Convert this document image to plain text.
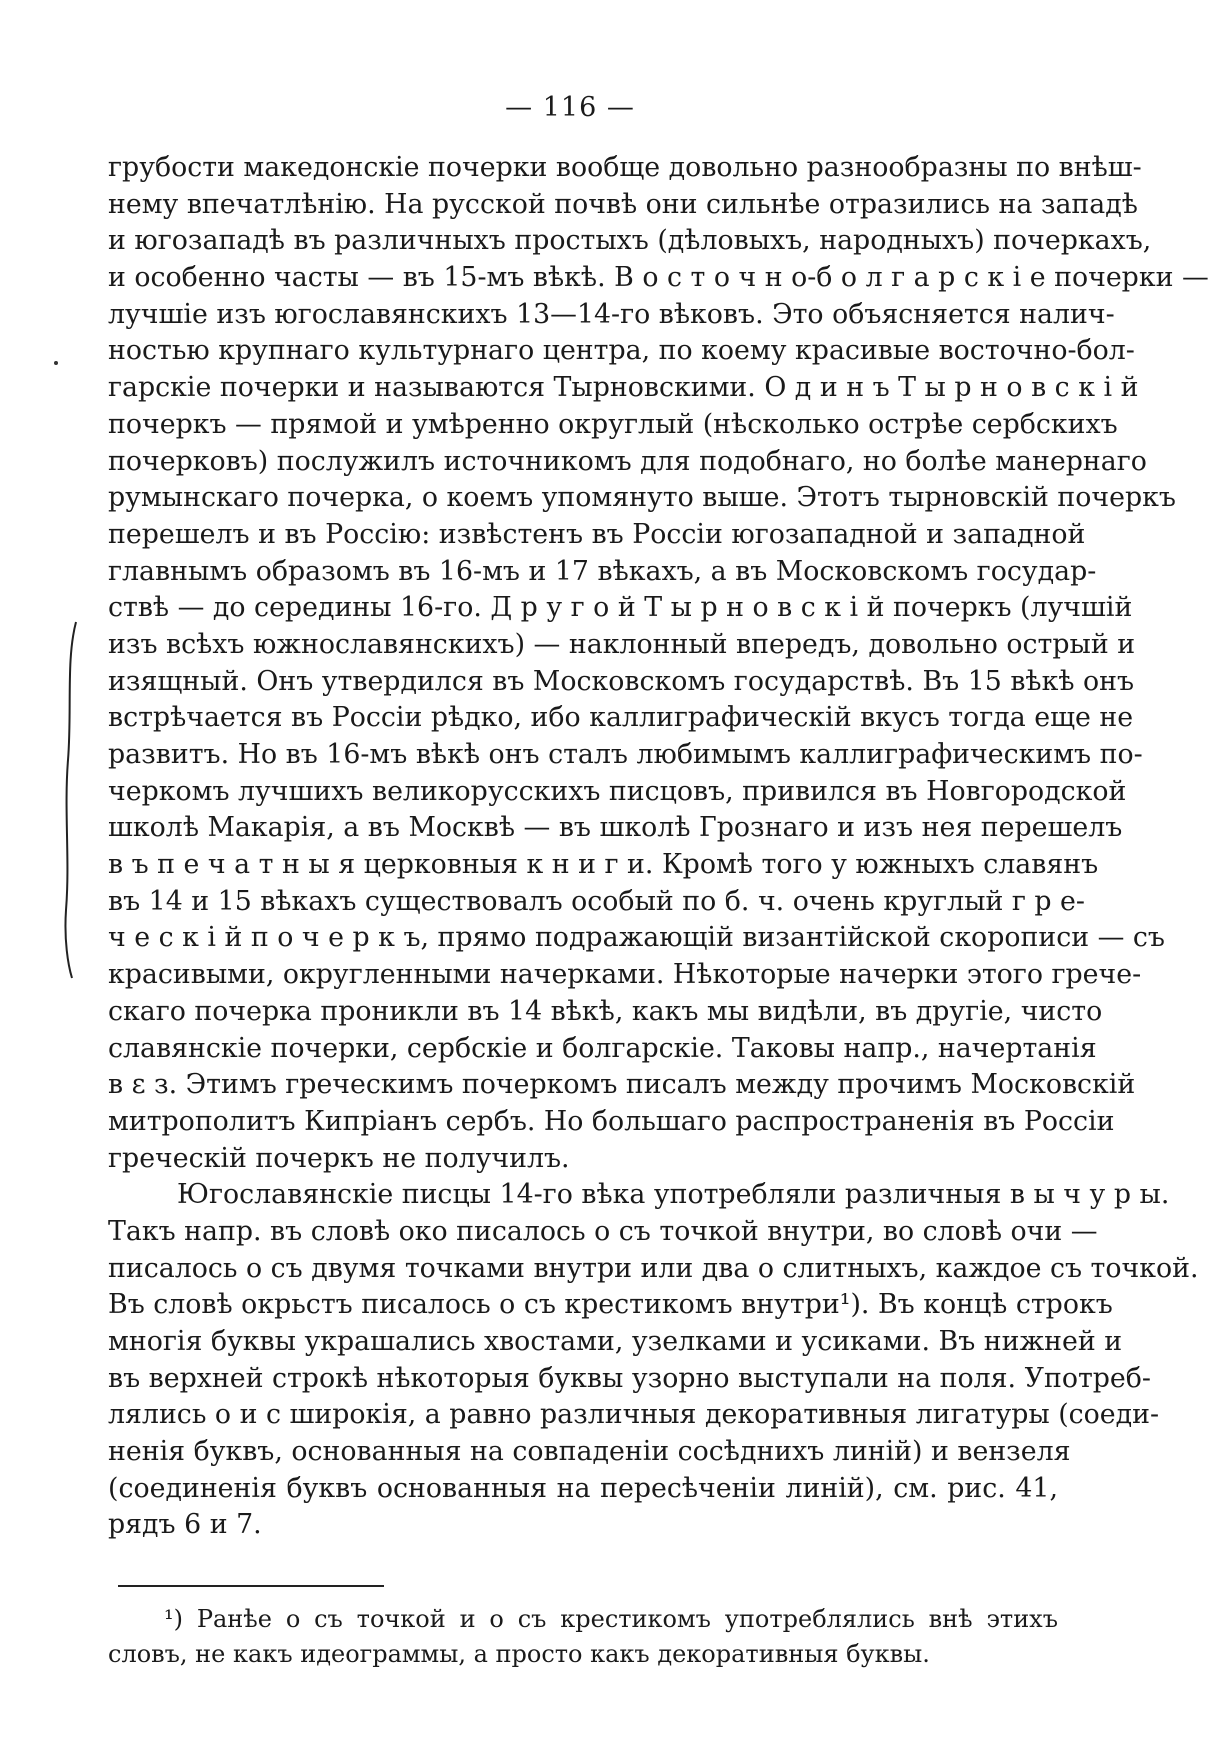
— 116 —
грубости македонскіе почерки вообще довольно разнообразны по внѣш-
нему впечатлѣнію. На русской почвѣ они сильнѣе отразились на западѣ
и югозападѣ въ различныхъ простыхъ (дѣловыхъ, народныхъ) почеркахъ,
и особенно часты — въ 15-мъ вѣкѣ. В о с т о ч н о-б о л г а р с к і е почерки —
лучшіе изъ югославянскихъ 13—14-го вѣковъ. Это объясняется налич-
ностью крупнаго культурнаго центра, по коему красивые восточно-бол-
гарскіе почерки и называются Тырновскими. О д и н ъ Т ы р н о в с к і й
почеркъ — прямой и умѣренно округлый (нѣсколько острѣе сербскихъ
почерковъ) послужилъ источникомъ для подобнаго, но болѣе манернаго
румынскаго почерка, о коемъ упомянуто выше. Этотъ тырновскій почеркъ
перешелъ и въ Россію: извѣстенъ въ Россіи югозападной и западной
главнымъ образомъ въ 16-мъ и 17 вѣкахъ, а въ Московскомъ государ-
ствѣ — до середины 16-го. Д р у г о й Т ы р н о в с к і й почеркъ (лучшій
изъ всѣхъ южнославянскихъ) — наклонный впередъ, довольно острый и
изящный. Онъ утвердился въ Московскомъ государствѣ. Въ 15 вѣкѣ онъ
встрѣчается въ Россіи рѣдко, ибо каллиграфическій вкусъ тогда еще не
развитъ. Но въ 16-мъ вѣкѣ онъ сталъ любимымъ каллиграфическимъ по-
черкомъ лучшихъ великорусскихъ писцовъ, привился въ Новгородской
школѣ Макарія, а въ Москвѣ — въ школѣ Грознаго и изъ нея перешелъ
в ъ п е ч а т н ы я церковныя к н и г и. Кромѣ того у южныхъ славянъ
въ 14 и 15 вѣкахъ существовалъ особый по б. ч. очень круглый г р е-
ч е с к і й п о ч е р к ъ, прямо подражающій византійской скорописи — съ
красивыми, округленными начерками. Нѣкоторые начерки этого грече-
скаго почерка проникли въ 14 вѣкѣ, какъ мы видѣли, въ другіе, чисто
славянскіе почерки, сербскіе и болгарскіе. Таковы напр., начертанія
в ε з. Этимъ греческимъ почеркомъ писалъ между прочимъ Московскій
митрополитъ Кипріанъ сербъ. Но большаго распространенія въ Россіи
греческій почеркъ не получилъ.
Югославянскіе писцы 14-го вѣка употребляли различныя в ы ч у р ы.
Такъ напр. въ словѣ око писалось о съ точкой внутри, во словѣ очи —
писалось о съ двумя точками внутри или два о слитныхъ, каждое съ точкой.
Въ словѣ окрьстъ писалось о съ крестикомъ внутри¹). Въ концѣ строкъ
многія буквы украшались хвостами, узелками и усиками. Въ нижней и
въ верхней строкѣ нѣкоторыя буквы узорно выступали на поля. Употреб-
лялись о и с широкія, а равно различныя декоративныя лигатуры (соеди-
ненія буквъ, основанныя на совпаденіи сосѣднихъ линій) и вензеля
(соединенія буквъ основанныя на пересѣченіи линій), см. рис. 41,
рядъ 6 и 7.
¹) Ранѣе о съ точкой и о съ крестикомъ употреблялись внѣ этихъ
словъ, не какъ идеограммы, а просто какъ декоративныя буквы.
